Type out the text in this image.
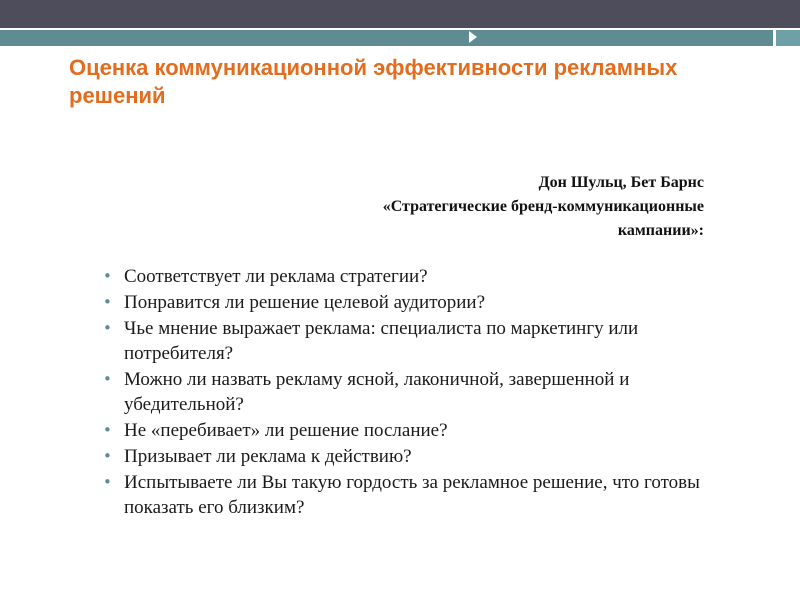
Оценка коммуникационной эффективности рекламных решений
Дон Шульц, Бет Барнс
«Стратегические бренд-коммуникационные
кампании»:
• Соответствует ли реклама стратегии?
• Понравится ли решение целевой аудитории?
• Чье мнение выражает реклама: специалиста по маркетингу или потребителя?
• Можно ли назвать рекламу ясной, лаконичной, завершенной и убедительной?
• Не «перебивает» ли решение послание?
• Призывает ли реклама к действию?
• Испытываете ли Вы такую гордость за рекламное решение, что готовы показать его близким?
